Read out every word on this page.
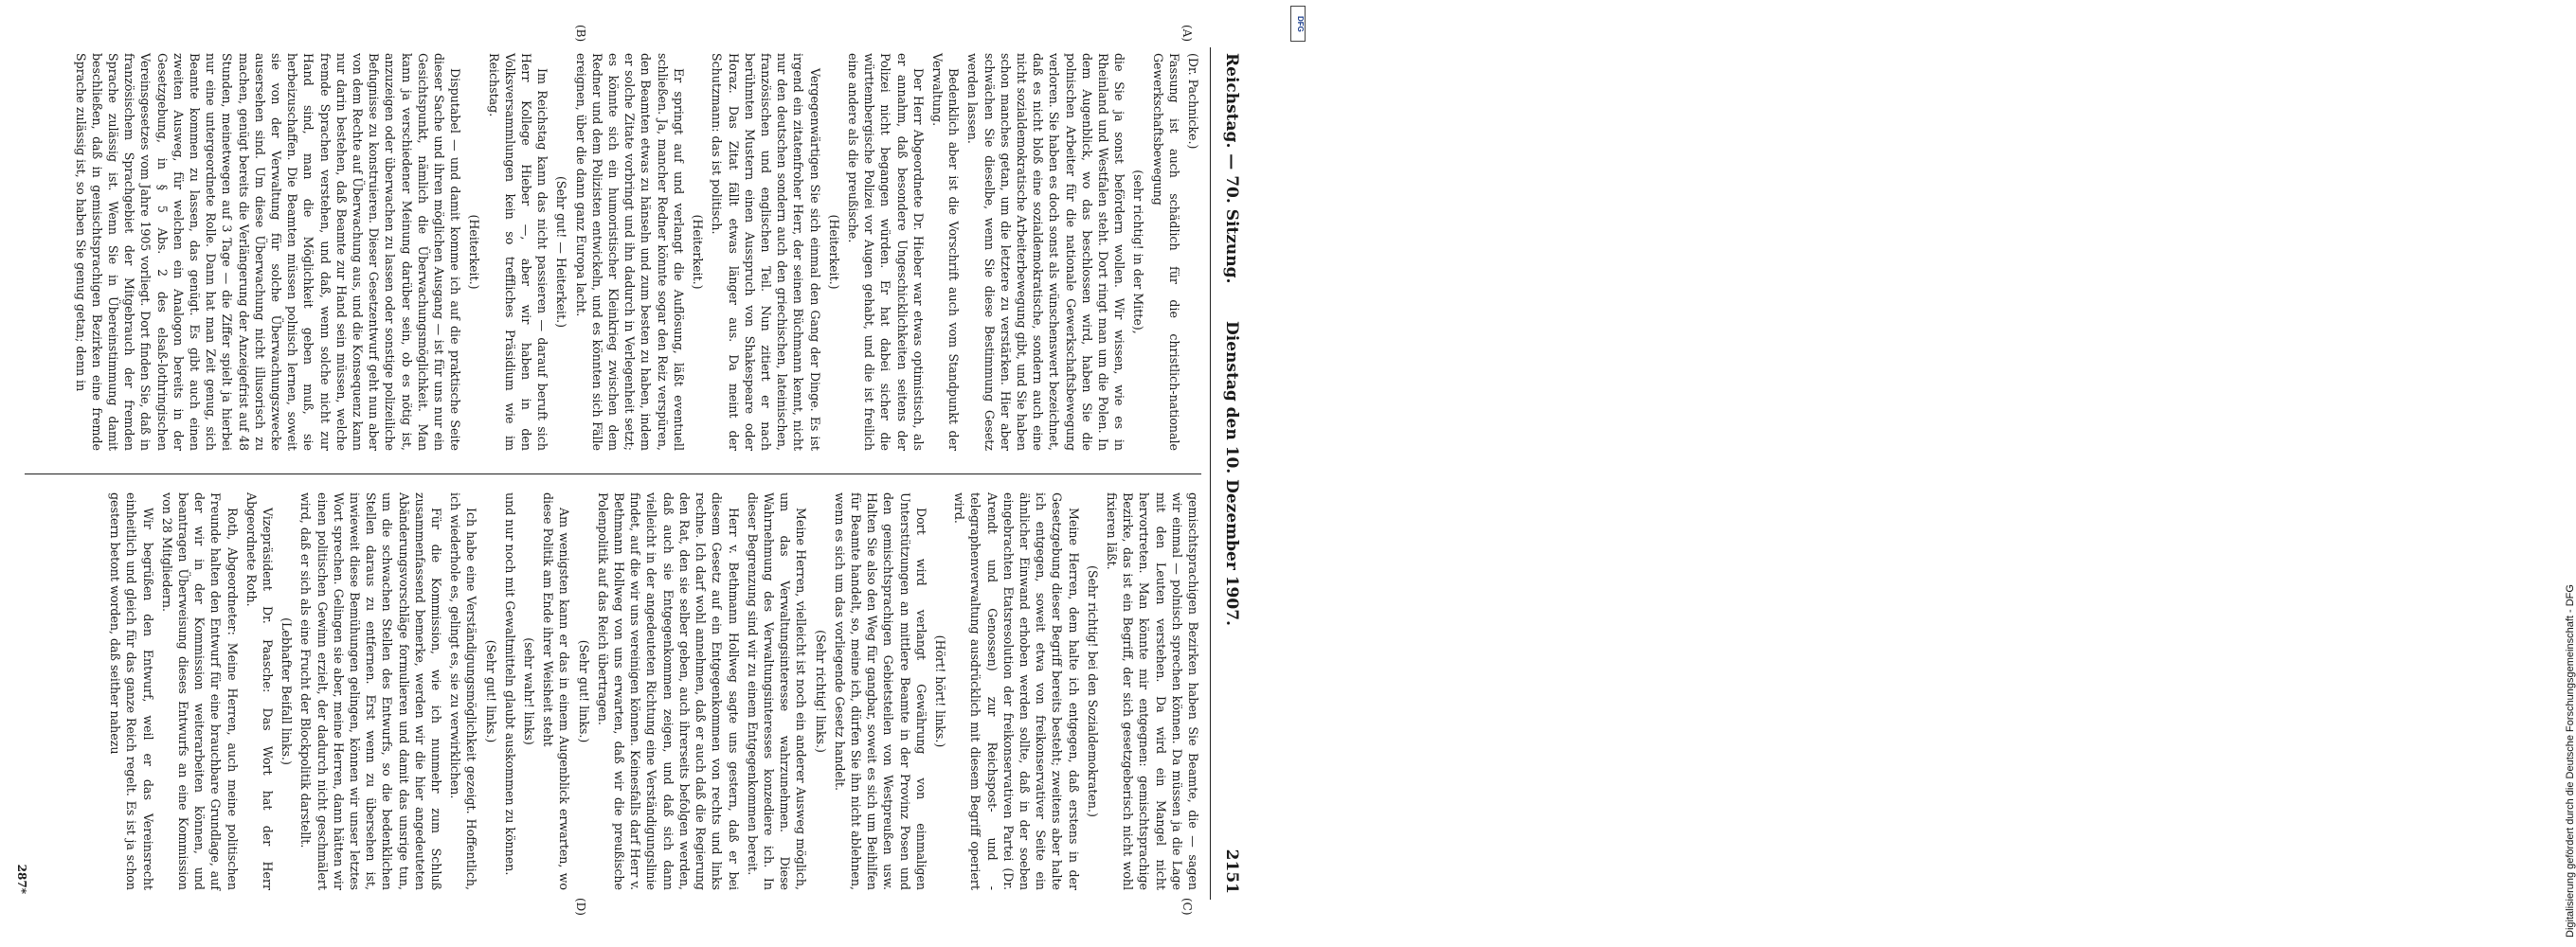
Reichstag. — 70. Sitzung.
Dienstag den 10. Dezember 1907.
2151
(A)
(B)
(C)
(D)

(Dr. Pachnicke.)

Fassung ist auch schädlich für die christlich-nationale Gewerkschaftsbewegung

(sehr richtig! in der Mitte),

die Sie ja sonst befördern wollen. Wir wissen, wie es in Rheinland und Westfalen steht. Dort ringt man um die Polen. In dem Augenblick, wo das beschlossen wird, haben Sie die polnischen Arbeiter für die nationale Gewerkschaftsbewegung verloren. Sie haben es doch sonst als wünschenswert bezeichnet, daß es nicht bloß eine sozialdemokratische, sondern auch eine nicht sozialdemokratische Arbeiterbewegung gibt, und Sie haben schon manches getan, um die letztere zu verstärken. Hier aber schwächen Sie dieselbe, wenn Sie diese Bestimmung Gesetz werden lassen.

Bedenklich aber ist die Vorschrift auch vom Standpunkt der Verwaltung.

Der Herr Abgeordnete Dr. Hieber war etwas optimistisch, als er annahm, daß besondere Ungeschicklichkeiten seitens der Polizei nicht begangen würden. Er hat dabei sicher die württembergische Polizei vor Augen gehabt, und die ist freilich eine andere als die preußische.

(Heiterkeit.)

Vergegenwärtigen Sie sich einmal den Gang der Dinge. Es ist irgend ein zitatenfroher Herr, der seinen Büchmann kennt, nicht nur den deutschen sondern auch den griechischen, lateinischen, französischen und englischen Teil. Nun zitiert er nach berühmten Mustern einen Ausspruch von Shakespeare oder Horaz. Das Zitat fällt etwas länger aus. Da meint der Schutzmann: das ist politisch.

(Heiterkeit.)

Er springt auf und verlangt die Auflösung, läßt eventuell schließen. Ja, mancher Redner könnte sogar den Reiz verspüren, den Beamten etwas zu hänseln und zum besten zu haben, indem er solche Zitate vorbringt und ihn dadurch in Verlegenheit setzt; es könnte sich ein humoristischer Kleinkrieg zwischen dem Redner und dem Polizisten entwickeln, und es könnten sich Fälle ereignen, über die dann ganz Europa lacht.

(Sehr gut! — Heiterkeit.)

Im Reichstag kann das nicht passieren — darauf beruft sich Herr Kollege Hieber —, aber wir haben in den Volksversammlungen kein so treffliches Präsidium wie im Reichstag.

(Heiterkeit.)

Disputabel — und damit komme ich auf die praktische Seite dieser Sache und ihren möglichen Ausgang — ist für uns nur ein Gesichtspunkt, nämlich die Überwachungsmöglichkeit. Man kann ja verschiedener Meinung darüber sein, ob es nötig ist, anzuzeigen oder überwachen zu lassen oder sonstige polizeiliche Befugnisse zu konstruieren. Dieser Gesetzentwurf geht nun aber von dem Rechte auf Überwachung aus, und die Konsequenz kann nur darin bestehen, daß Beamte zur Hand sein müssen, welche fremde Sprachen verstehen, und daß, wenn solche nicht zur Hand sind, man die Möglichkeit geben muß, sie herbeizuschaffen. Die Beamten müssen polnisch lernen, soweit sie von der Verwaltung für solche Überwachungszwecke ausersehen sind. Um diese Überwachung nicht illusorisch zu machen, genügt bereits die Verlängerung der Anzeigefrist auf 48 Stunden, meinetwegen auf 3 Tage — die Ziffer spielt ja hierbei nur eine untergeordnete Rolle. Dann hat man Zeit genug, sich Beamte kommen zu lassen, das genügt. Es gibt auch einen zweiten Ausweg, für welchen ein Analogon bereits in der Gesetzgebung, in § 5 Abs. 2 des elsaß-lothringischen Vereinsgesetzes vom Jahre 1905 vorliegt. Dort finden Sie, daß in französischem Sprachgebiet der Mitgebrauch der fremden Sprache zulässig ist. Wenn Sie in Übereinstimmung damit beschließen, daß in gemischtsprachigen Bezirken eine fremde Sprache zulässig ist, so haben Sie genug getan; denn in

gemischtsprachigen Bezirken haben Sie Beamte, die — sagen wir einmal — polnisch sprechen können. Da müssen ja die Lage mit den Leuten verstehen. Da wird ein Mangel nicht hervortreten. Man könnte mir entgegnen: gemischtsprachige Bezirke, das ist ein Begriff, der sich gesetzgeberisch nicht wohl fixieren läßt.

(Sehr richtig! bei den Sozialdemokraten.)

Meine Herren, dem halte ich entgegen, daß erstens in der Gesetzgebung dieser Begriff bereits besteht; zweitens aber halte ich entgegen, soweit etwa von freikonservativer Seite ein ähnlicher Einwand erhoben werden sollte, daß in der soeben eingebrachten Etatsresolution der freikonservativen Partei (Dr. Arendt und Genossen) zur Reichspost- und -telegraphenverwaltung ausdrücklich mit diesem Begriff operiert wird.

(Hört! hört! links.)

Dort wird verlangt Gewährung von einmaligen Unterstützungen an mittlere Beamte in der Provinz Posen und den gemischtsprachigen Gebietsteilen von Westpreußen usw. Halten Sie also den Weg für gangbar, soweit es sich um Beihilfen für Beamte handelt, so, meine ich, dürfen Sie ihn nicht ablehnen, wenn es sich um das vorliegende Gesetz handelt.

(Sehr richtig! links.)

Meine Herren, vielleicht ist noch ein anderer Ausweg möglich, um das Verwaltungsinteresse wahrzunehmen. Diese Wahrnehmung des Verwaltungsinteresses konzediere ich. In dieser Begrenzung sind wir zu einem Entgegenkommen bereit.

Herr v. Bethmann Hollweg sagte uns gestern, daß er bei diesem Gesetz auf ein Entgegenkommen von rechts und links rechne. Ich darf wohl annehmen, daß er auch daß die Regierung den Rat, den sie selber geben, auch ihrerseits befolgen werden, daß auch sie Entgegenkommen zeigen, und daß sich dann vielleicht in der angedeuteten Richtung eine Verständigungslinie findet, auf die wir uns vereinigen können. Keinesfalls darf Herr v. Bethmann Hollweg von uns erwarten, daß wir die preußische Polenpolitik auf das Reich übertragen.

(Sehr gut! links.)

Am wenigsten kann er das in einem Augenblick erwarten, wo diese Politik am Ende ihrer Weisheit steht

(sehr wahr! links)

und nur noch mit Gewaltmitteln glaubt auskommen zu können.

(Sehr gut! links.)

Ich habe eine Verständigungsmöglichkeit gezeigt. Hoffentlich, ich wiederhole es, gelingt es, sie zu verwirklichen.

Für die Kommission, wie ich nunmehr zum Schluß zusammenfassend bemerke, werden wir die hier angedeuteten Abänderungsvorschläge formulieren und damit das unsrige tun, um die schwachen Stellen des Entwurfs, so die bedenklichen Stellen daraus zu entfernen. Erst wenn zu übersehen ist, inwieweit diese Bemühungen gelingen, können wir unser letztes Wort sprechen. Gelingen sie aber, meine Herren, dann hätten wir einen politischen Gewinn erzielt, der dadurch nicht geschmälert wird, daß er sich als eine Frucht der Blockpolitik darstellt.

(Lebhafter Beifall links.)

Vizepräsident Dr. Paasche: Das Wort hat der Herr Abgeordnete Roth.

Roth, Abgeordneter: Meine Herren, auch meine politischen Freunde halten den Entwurf für eine brauchbare Grundlage, auf der wir in der Kommission weiterarbeiten können, und beantragen Überweisung dieses Entwurfs an eine Kommission von 28 Mitgliedern.

Wir begrüßen den Entwurf, weil er das Vereinsrecht einheitlich und gleich für das ganze Reich regelt. Es ist ja schon gestern betont worden, daß seither nahezu

287*
DFG
Digitalisierung gefördert durch die Deutsche Forschungsgemeinschaft - DFG
